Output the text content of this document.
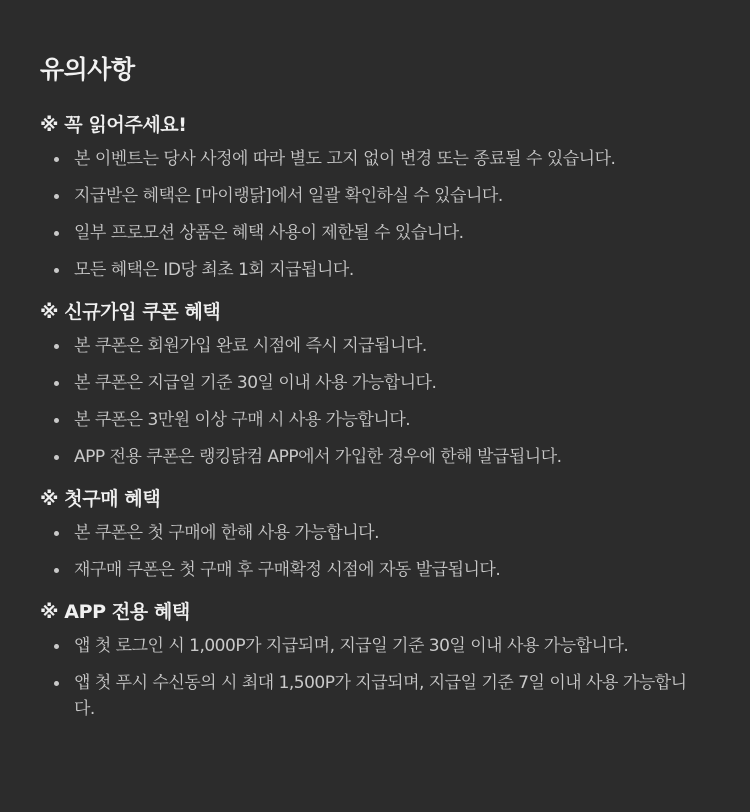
유의사항
※ 꼭 읽어주세요!
본 이벤트는 당사 사정에 따라 별도 고지 없이 변경 또는 종료될 수 있습니다.
지급받은 혜택은 [마이랭닭]에서 일괄 확인하실 수 있습니다.
일부 프로모션 상품은 혜택 사용이 제한될 수 있습니다.
모든 혜택은 ID당 최초 1회 지급됩니다.
※ 신규가입 쿠폰 혜택
본 쿠폰은 회원가입 완료 시점에 즉시 지급됩니다.
본 쿠폰은 지급일 기준 30일 이내 사용 가능합니다.
본 쿠폰은 3만원 이상 구매 시 사용 가능합니다.
APP 전용 쿠폰은 랭킹닭컴 APP에서 가입한 경우에 한해 발급됩니다.
※ 첫구매 혜택
본 쿠폰은 첫 구매에 한해 사용 가능합니다.
재구매 쿠폰은 첫 구매 후 구매확정 시점에 자동 발급됩니다.
※ APP 전용 혜택
앱 첫 로그인 시 1,000P가 지급되며, 지급일 기준 30일 이내 사용 가능합니다.
앱 첫 푸시 수신동의 시 최대 1,500P가 지급되며, 지급일 기준 7일 이내 사용 가능합니다.
